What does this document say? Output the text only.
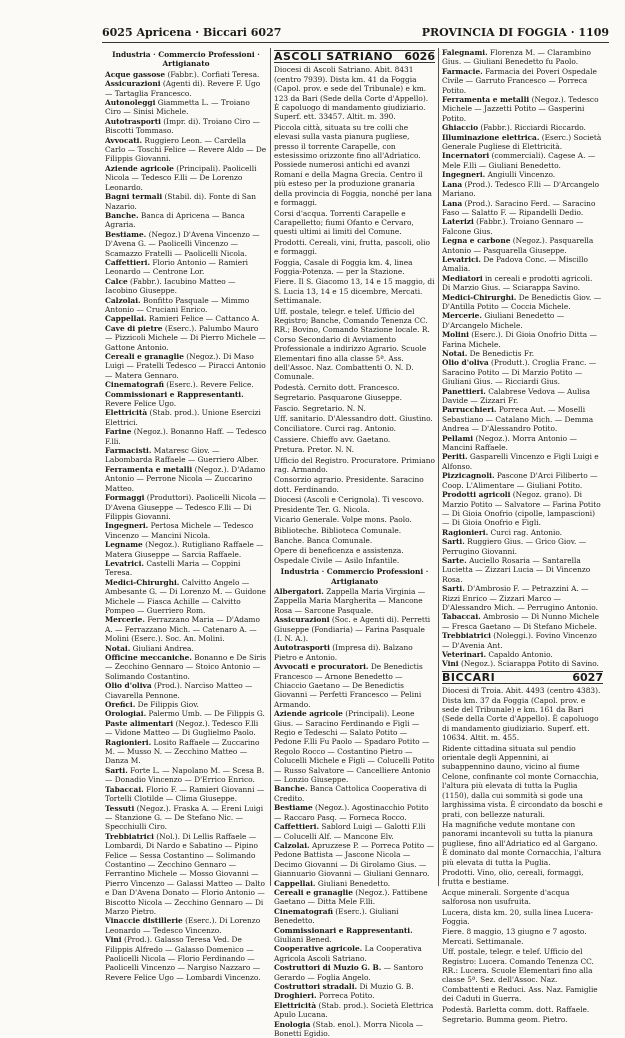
6025 Apricena · Biccari 6027	PROVINCIA DI FOGGIA · 1109
Industria · Commercio Professioni · Artigianato

Acque gassose (Fabbr.). Corfiati Teresa.

Assicurazioni (Agenti di). Revere F. Ugo — Tartaglia Francesco.

Autonoleggi Giammetta L. — Troiano Ciro — Sinisi Michele.

Autotrasporti (Impr. di). Troiano Ciro — Biscotti Tommaso.

Avvocati. Ruggiero Leon. — Cardella Carlo — Toschi Felice — Revere Aldo — De Filippis Giovanni.

Aziende agricole (Principali). Paolicelli Nicola — Tedesco F.lli — De Lorenzo Leonardo.

Bagni termali (Stabil. di). Fonte di San Nazario.

Banche. Banca di Apricena — Banca Agraria.

Bestiame. (Negoz.) D'Avena Vincenzo — D'Avena G. — Paolicelli Vincenzo — Scamazzo Fratelli — Paolicelli Nicola.

Caffettieri. Florio Antonio — Ramieri Leonardo — Centrone Lor.

Calce (Fabbr.). Iacubino Matteo — Iacobino Giuseppe.

Calzolai. Bonfitto Pasquale — Mimmo Antonio — Cruciani Enrico.

Cappellai. Ramieri Felice — Cattanco A.

Cave di pietre (Eserc.). Palumbo Mauro — Pizzicoli Michele — Di Pierro Michele — Gattone Antonio.

Cereali e granaglie (Negoz.). Di Maso Luigi — Fratelli Tedesco — Piracci Antonio — Matera Gennaro.

Cinematografi (Eserc.). Revere Felice.

Commissionari e Rappresentanti. Revere Felice Ugo.

Elettricità (Stab. prod.). Unione Esercizi Elettrici.

Farine (Negoz.). Bonanno Haff. — Tedesco F.lli.

Farmacisti. Mataresc Giov. — Labombarda Raffaele — Guerriero Alber.

Ferramenta e metalli (Negoz.). D'Adamo Antonio — Perrone Nicola — Zuccarino Matteo.

Formaggi (Produttori). Paolicelli Nicola — D'Avena Giuseppe — Tedesco F.lli — Di Filippis Giovanni.

Ingegneri. Pertosa Michele — Tedesco Vincenzo — Mancini Nicola.

Legname (Negoz.). Rutigliano Raffaele — Matera Giuseppe — Sarcia Raffaele.

Levatrici. Castelli Maria — Coppini Teresa.

Medici-Chirurghi. Calvitto Angelo — Ambesante G. — Di Lorenzo M. — Guidone Michele — Fiasca Achille — Calvitto Pompeo — Guerriero Rom.

Mercerie. Ferrazzano Maria — D'Adamo A. — Ferrazzano Mich. — Catenaro A. — Molini (Eserc.). Soc. An. Molini.

Notai. Giuliani Andrea.

Officine meccaniche. Bonanno e De Siris — Zecchino Gennaro — Stoico Antonio — Solimando Costantino.

Olio d'oliva (Prod.). Narciso Matteo — Ciavarella Pennone.

Orefici. De Filippis Giov.

Orologiai. Palermo Umb. — De Filippis G.

Paste alimentari (Negoz.). Tedesco F.lli — Vidone Matteo — Di Guglielmo Paolo.

Ragionieri. Losito Raffaele — Zuccarino M. — Musso N. — Zecchino Matteo — Danza M.

Sarti. Forte L. — Napolano M. — Scesa B. — Donadio Vincenzo — D'Errico Enrico.

Tabaccai. Florio F. — Ramieri Giovanni — Tortelli Clotilde — Clima Giuseppe.

Tessuti (Negoz.). Fraska A. — Ereni Luigi — Stanzione G. — De Stefano Nic. — Specchiulli Ciro.

Trebbiatrici (Nol.). Di Lellis Raffaele — Lombardi, Di Nardo e Sabatino — Pipino Felice — Sessa Costantino — Solimando Costantino — Zecchino Gennaro — Ferrantino Michele — Mosso Giovanni — Pierro Vincenzo — Galassi Matteo — Dalto e Dan D'Avena Donato — Florio Antonio — Biscotto Nicola — Zecchino Gennaro — Di Marzo Pietro.

Vinaccie distillerie (Eserc.). Di Lorenzo Leonardo — Tedesco Vincenzo.

Vini (Prod.). Galasso Teresa Ved. De Filippis Alfredo — Galasso Domenico — Paolicelli Nicola — Florio Ferdinando — Paolicelli Vincenzo — Nargiso Nazzaro — Revere Felice Ugo — Lombardi Vincenzo.

ASCOLI SATRIANO 6026

Diocesi di Ascoli Satriano. Abit. 8431 (centro 7939). Dista km. 41 da Foggia (Capol. prov. e sede del Tribunale) e km. 123 da Bari (Sede della Corte d'Appello). È capoluogo di mandamento giudiziario. Superf. ett. 33457. Altit. m. 390.

Piccola città, situata su tre colli che elevasi sulla vasta pianura pugliese, presso il torrente Carapelle, con estesissimo orizzonte fino all'Adriatico. Possiede numerosi antichi ed avanzi Romani e della Magna Grecia. Centro il più esteso per la produzione granaria della provincia di Foggia, nonché per lana e formaggi.

Corsi d'acqua. Torrenti Carapelle e Carapelletto; fiumi Ofanto e Cervaro, questi ultimi ai limiti del Comune.

Prodotti. Cereali, vini, frutta, pascoli, olio e formaggi.

Foggia, Casale di Foggia km. 4, linea Foggia-Potenza. — per la Stazione.

Fiere. Il S. Giacomo 13, 14 e 15 maggio, di S. Lucia 13, 14 e 15 dicembre, Mercati. Settimanale.

Uff. postale, telegr. e telef. Ufficio del Registro; Banche, Comando Tenenza CC. RR.; Bovino, Comando Stazione locale. R. Corso Secondario di Avviamento Professionale a indirizzo Agrario. Scuole Elementari fino alla classe 5ª. Ass. dell'Assoc. Naz. Combattenti O. N. D. Comunale.

Podestà. Cernito dott. Francesco.

Segretario. Pasquarone Giuseppe.

Fascio. Segretario. N. N.

Uff. sanitario. D'Alessandro dott. Giustino.

Conciliatore. Curci rag. Antonio.

Cassiere. Chieffo avv. Gaetano.

Pretura. Pretor. N. N.

Ufficio del Registro. Procuratore. Primiano rag. Armando.

Consorzio agrario. Presidente. Saracino dott. Ferdinando.

Diocesi (Ascoli e Cerignola). Ti vescovo. Presidente Ter. G. Nicola.

Vicario Generale. Volpe mons. Paolo.

Biblioteche. Biblioteca Comunale.

Banche. Banca Comunale.

Opere di beneficenza e assistenza. Ospedale Civile — Asilo Infantile.

Industria · Commercio Professioni · Artigianato

Albergatori. Zappella Maria Virginia — Zappella Maria Margherita — Mancone Rosa — Sarcone Pasquale.

Assicurazioni (Soc. e Agenti di). Perretti Giuseppe (Fondiaria) — Farina Pasquale (I. N. A.).

Autotrasporti (Impresa di). Balzano Pietro e Antonio.

Avvocati e procuratori. De Benedictis Francesco — Arnone Benedetto — Chiaccio Gaetano — De Benedictis Giovanni — Perfetti Francesco — Pelini Armando.

Aziende agricole (Principali). Leone Gius. — Saracino Ferdinando e Figli — Regio e Tedeschi — Salato Potito — Pedone F.lli Fu Paolo — Spadaro Potito — Regolo Rocco — Costantino Pietro — Colucelli Michele e Figli — Colucelli Potito — Russo Salvatore — Cancelliere Antonio — Lonzio Giuseppe.

Banche. Banca Cattolica Cooperativa di Credito.

Bestiame (Negoz.). Agostinacchio Potito — Raccaro Pasq. — Forneca Rocco.

Caffettieri. Sablord Luigi — Galotti F.lli — Colucelli Alf. — Mancone Elv.

Calzolai. Apruzzese P. — Porreca Potito — Pedone Battista — Jascone Nicola — Decimo Giovanni — Di Girolamo Gius. — Giannuario Giovanni — Giuliani Gennaro.

Cappellai. Giuliani Benedetto.

Cereali e granaglie (Negoz.). Fattibene Gaetano — Ditta Mele F.lli.

Cinematografi (Eserc.). Giuliani Benedetto.

Commissionari e Rappresentanti. Giuliani Bened.

Cooperative agricole. La Cooperativa Agricola Ascoli Satriano.

Costruttori di Muzio G. B. — Santoro Gerardo — Foglia Angelo.

Costruttori stradali. Di Muzio G. B.

Droghieri. Porreca Potito.

Elettricità (Stab. prod.). Società Elettrica Apulo Lucana.

Enologia (Stab. enol.). Morra Nicola — Bonetti Egidio.

Falegnami. Florenza M. — Clarambino Gius. — Giuliani Benedetto fu Paolo.

Farmacie. Farmacia dei Poveri Ospedale Civile — Garruto Francesco — Porreca Potito.

Ferramenta e metalli (Negoz.). Tedesco Michele — Jazzetti Potito — Gasperini Potito.

Ghiaccio (Fabbr.). Ricciardi Riccardo.

Illuminazione elettrica. (Eserc.) Società Generale Pugliese di Elettricità.

Incernatori (commerciali). Cagese A. — Mele F.lli — Giuliani Benedetto.

Ingegneri. Angiulli Vincenzo.

Lana (Prod.). Tedesco F.lli — D'Arcangelo Mariano.

Lana (Prod.). Saracino Ferd. — Saracino Faso — Salatto F. — Ripandelli Dedio.

Laterizi (Fabbr.). Troiano Gennaro — Falcone Gius.

Legna e carbone (Negoz.). Pasquarella Antonio — Pasquarella Giuseppe.

Levatrici. De Padova Conc. — Miscillo Amalia.

Mediatori in cereali e prodotti agricoli. Di Marzio Gius. — Sciarappa Savino.

Medici-Chirurghi. De Benedictis Giov. — D'Antilla Potito — Coccia Michele.

Mercerie. Giuliani Benedetto — D'Arcangelo Michele.

Molini (Eserc.). Di Gioia Onofrio Ditta — Farina Michele.

Notai. De Benedictis Fr.

Olio d'oliva (Produtt.). Croglia Franc. — Saracino Potito — Di Marzio Potito — Giuliani Gius. — Ricciardi Gius.

Panettieri. Calabrese Vedova — Aulisa Davide — Zizzari Fr.

Parrucchieri. Porreca Aut. — Moselli Sebastiano — Catalano Mich. — Demma Andrea — D'Alessandro Potito.

Pellami (Negoz.). Morra Antonio — Mancini Raffaele.

Periti. Gasparelli Vincenzo e Figli Luigi e Alfonso.

Pizzicagnoli. Pascone D'Arci Filiberto — Coop. L'Alimentare — Giuliani Potito.

Prodotti agricoli (Negoz. grano). Di Marzio Potito — Salvatore — Farina Potito — Di Gioia Onofrio (cipolle, lampascioni) — Di Gioia Onofrio e Figli.

Ragionieri. Curci rag. Antonio.

Sarti. Ruggiero Gius. — Grico Giov. — Perrugino Giovanni.

Sarte. Auciello Rosaria — Santarella Lucietta — Zizzari Lucia — Di Vincenzo Rosa.

Sarti. D'Ambrosio F. — Petrazzini A. — Rizzi Enrico — Zizzari Marco — D'Alessandro Mich. — Perrugino Antonio.

Tabaccai. Ambrosio — Dì Nunno Michele — Fresca Gaetano — Di Stefano Michele.

Trebbiatrici (Noleggi.). Fovino Vincenzo — D'Avenia Ant.

Veterinari. Capaldo Antonio.

Vini (Negoz.). Sciarappa Potito di Savino.

BICCARI	6027

Diocesi di Troia. Abit. 4493 (centro 4383). Dista km. 37 da Foggia (Capol. prov. e sede del Tribunale) e km. 161 da Bari (Sede della Corte d'Appello). È capoluogo di mandamento giudiziario. Superf. ett. 10634. Altit. m. 455.

Ridente cittadina situata sul pendio orientale degli Appennini, ai subappennino dauno, vicino al fiume Celone, confinante col monte Cornacchia, l'altura più elevata di tutta la Puglia (1150), dalla cui sommità si gode una larghissima vista. È circondato da boschi e prati, con bellezze naturali.

Ha magnifiche vedute montane con panorami incantevoli su tutta la pianura pugliese, fino all'Adriatico ed al Gargano. È dominato dal monte Cornacchia, l'altura più elevata di tutta la Puglia.

Prodotti. Vino, olio, cereali, formaggi, frutta e bestiame.

Acque minerali. Sorgente d'acqua salforosa non usufruita.

Lucera, dista km. 20, sulla linea Lucera-Foggia.

Fiere. 8 maggio, 13 giugno e 7 agosto. Mercati. Settimanale.

Uff. postale, telegr. e telef. Ufficio del Registro: Lucera. Comando Tenenza CC. RR.: Lucera. Scuole Elementari fino alla classe 5ª. Sez. dell'Assoc. Naz. Combattenti e Reduci. Ass. Naz. Famiglie dei Caduti in Guerra.

Podestà. Barletta comm. dott. Raffaele.

Segretario. Bumma geom. Pietro.
